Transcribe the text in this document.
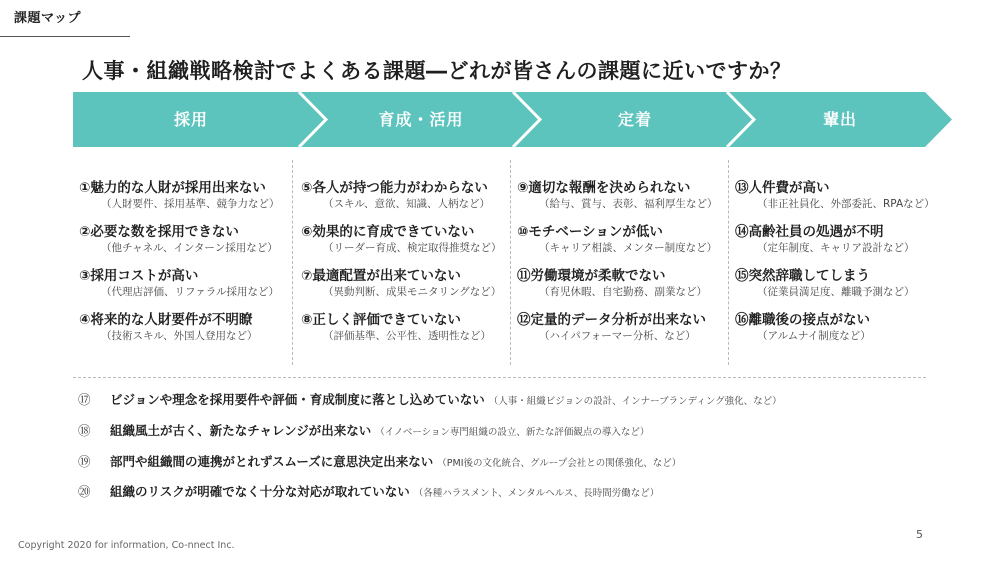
課題マップ
人事・組織戦略検討でよくある課題―どれが皆さんの課題に近いですか？
採用	育成・活用	定着	輩出
①魅力的な人財が採用出来ない
（人財要件、採用基準、競争力など）
②必要な数を採用できない
（他チャネル、インターン採用など）
③採用コストが高い
（代理店評価、リファラル採用など）
④将来的な人財要件が不明瞭
（技術スキル、外国人登用など）
⑤各人が持つ能力がわからない
（スキル、意欲、知識、人柄など）
⑥効果的に育成できていない
（リーダー育成、検定取得推奨など）
⑦最適配置が出来ていない
（異動判断、成果モニタリングなど）
⑧正しく評価できていない
（評価基準、公平性、透明性など）
⑨適切な報酬を決められない
（給与、賞与、表彰、福利厚生など）
⑩モチベーションが低い
（キャリア相談、メンター制度など）
⑪労働環境が柔軟でない
（育児休暇、自宅勤務、副業など）
⑫定量的データ分析が出来ない
（ハイパフォーマー分析、など）
⑬人件費が高い
（非正社員化、外部委託、RPAなど）
⑭高齢社員の処遇が不明
（定年制度、キャリア設計など）
⑮突然辞職してしまう
（従業員満足度、離職予測など）
⑯離職後の接点がない
（アルムナイ制度など）
⑰ ビジョンや理念を採用要件や評価・育成制度に落とし込めていない （人事・組織ビジョンの設計、インナーブランディング強化、など）
⑱ 組織風土が古く、新たなチャレンジが出来ない （イノベーション専門組織の設立、新たな評価観点の導入など）
⑲ 部門や組織間の連携がとれずスムーズに意思決定出来ない （PMI後の文化統合、グループ会社との関係強化、など）
⑳ 組織のリスクが明確でなく十分な対応が取れていない （各種ハラスメント、メンタルヘルス、長時間労働など）
5
Copyright 2020 for information, Co-nnect Inc.
